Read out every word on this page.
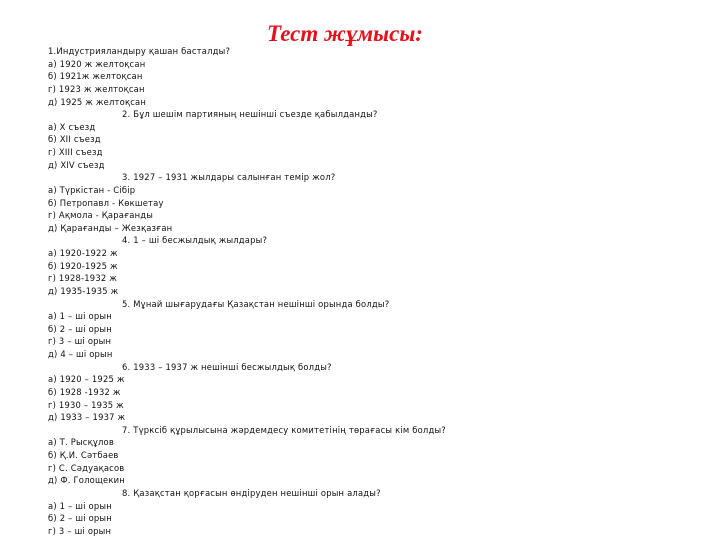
Тест жұмысы:
1.Индустрияландыру қашан басталды?
а) 1920 ж желтоқсан
б) 1921ж желтоқсан
г) 1923 ж желтоқсан
д) 1925 ж желтоқсан
2. Бұл шешім партияның нешінші съезде қабылданды?
а) X съезд
б) XII съезд
г) XIII съезд
д) XIV съезд
3. 1927 – 1931 жылдары салынған темір жол?
а) Түркістан - Сібір
б) Петропавл - Көкшетау
г) Ақмола - Қарағанды
д) Қарағанды – Жезқазған
4. 1 – ші бесжылдық жылдары?
а) 1920-1922 ж
б) 1920-1925 ж
г) 1928-1932 ж
д) 1935-1935 ж
5. Мұнай шығарудағы Қазақстан нешінші орында болды?
а) 1 – ші орын
б) 2 – ші орын
г) 3 – ші орын
д) 4 – ші орын
6. 1933 – 1937 ж нешінші бесжылдық болды?
а) 1920 – 1925 ж
б) 1928 -1932 ж
г) 1930 – 1935 ж
д) 1933 – 1937 ж
7. Түрксіб құрылысына жәрдемдесу комитетінің төрағасы кім болды?
а) Т. Рысқұлов
б) Қ.И. Сәтбаев
г) С. Сәдуақасов
д) Ф. Голощекин
8. Қазақстан қорғасын өндіруден нешінші орын алады?
а) 1 – ші орын
б) 2 – ші орын
г) 3 – ші орын
